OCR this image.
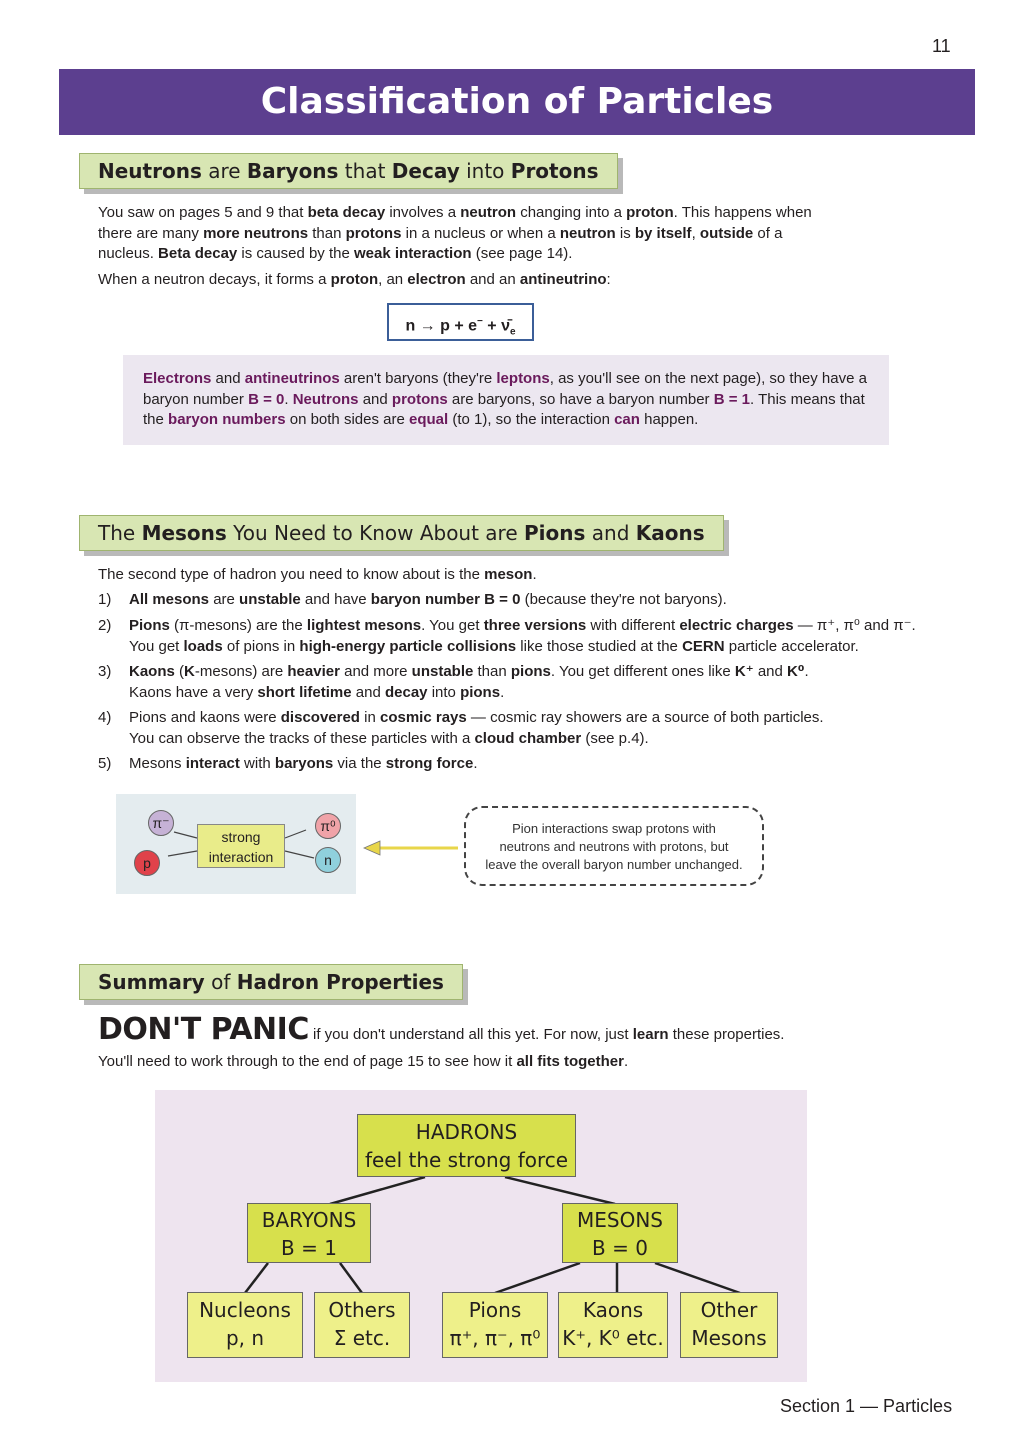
11
Classification of Particles
Neutrons are Baryons that Decay into Protons
You saw on pages 5 and 9 that beta decay involves a neutron changing into a proton. This happens when there are many more neutrons than protons in a nucleus or when a neutron is by itself, outside of a nucleus. Beta decay is caused by the weak interaction (see page 14).
When a neutron decays, it forms a proton, an electron and an antineutrino:
$n \to p + e^- + \nū_e$
Electrons and antineutrinos aren't baryons (they're leptons, as you'll see on the next page), so they have a baryon number B = 0. Neutrons and protons are baryons, so have a baryon number B = 1. This means that the baryon numbers on both sides are equal (to 1), so the interaction can happen.
The Mesons You Need to Know About are Pions and Kaons
The second type of hadron you need to know about is the meson.
1) All mesons are unstable and have baryon number B = 0 (because they're not baryons).
2) Pions (π-mesons) are the lightest mesons. You get three versions with different electric charges — π⁺, π⁰ and π⁻.
You get loads of pions in high-energy particle collisions like those studied at the CERN particle accelerator.
3) Kaons (K-mesons) are heavier and more unstable than pions. You get different ones like K⁺ and K⁰.
Kaons have a very short lifetime and decay into pions.
4) Pions and kaons were discovered in cosmic rays — cosmic ray showers are a source of both particles.
You can observe the tracks of these particles with a cloud chamber (see p.4).
5) Mesons interact with baryons via the strong force.
π⁻
p
strong
interaction
π⁰
n
Pion interactions swap protons with
neutrons and neutrons with protons, but
leave the overall baryon number unchanged.
Summary of Hadron Properties
DON'T PANIC if you don't understand all this yet. For now, just learn these properties.
You'll need to work through to the end of page 15 to see how it all fits together.
HADRONS
feel the strong force
BARYONS
B = 1
MESONS
B = 0
Nucleons
p, n
Others
Σ etc.
Pions
π⁺, π⁻, π⁰
Kaons
K⁺, K⁰ etc.
Other
Mesons
Section 1 — Particles
